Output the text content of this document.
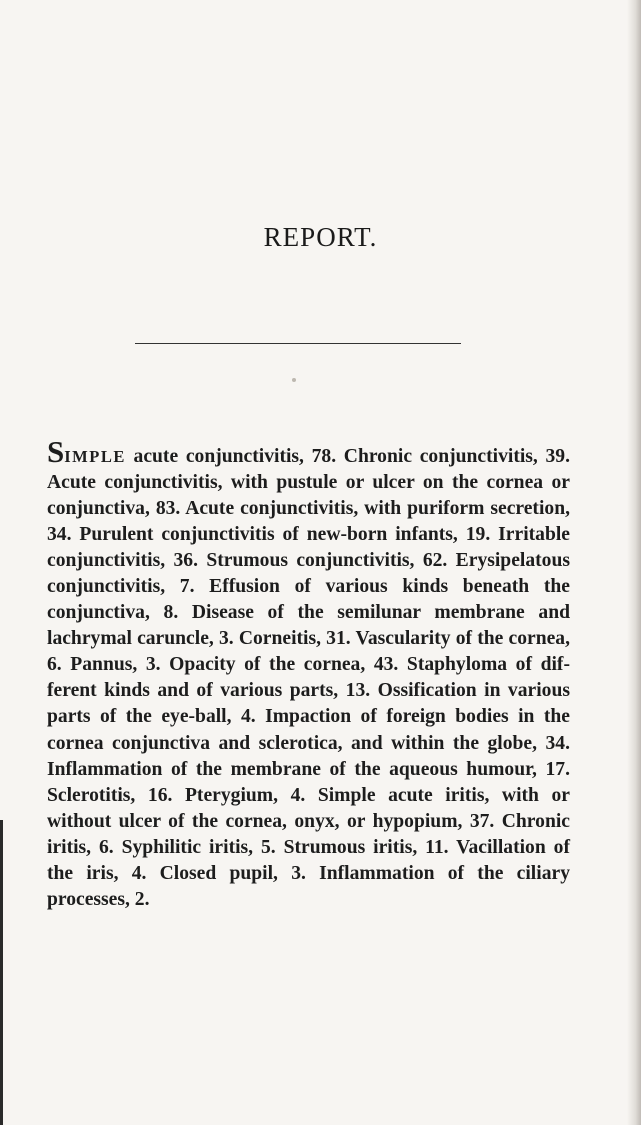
REPORT.

SIMPLE acute conjunctivitis, 78. Chronic conjunctivitis, 39. Acute conjunctivitis, with pustule or ulcer on the cornea or conjunctiva, 83. Acute conjunctivitis, with puriform secretion, 34. Purulent conjunctivitis of new-born infants, 19. Irritable conjunctivitis, 36. Strumous conjunctivitis, 62. Erysipelatous conjunctivitis, 7. Effusion of various kinds beneath the conjunctiva, 8. Disease of the semilunar membrane and lachrymal caruncle, 3. Corneitis, 31. Vascularity of the cornea, 6. Pannus, 3. Opacity of the cornea, 43. Staphyloma of different kinds and of various parts, 13. Ossification in various parts of the eye-ball, 4. Impaction of foreign bodies in the cornea conjunctiva and sclerotica, and within the globe, 34. Inflammation of the membrane of the aqueous humour, 17. Sclerotitis, 16. Pterygium, 4. Simple acute iritis, with or without ulcer of the cornea, onyx, or hypopium, 37. Chronic iritis, 6. Syphilitic iritis, 5. Strumous iritis, 11. Vacillation of the iris, 4. Closed pupil, 3. Inflammation of the ciliary processes, 2.
